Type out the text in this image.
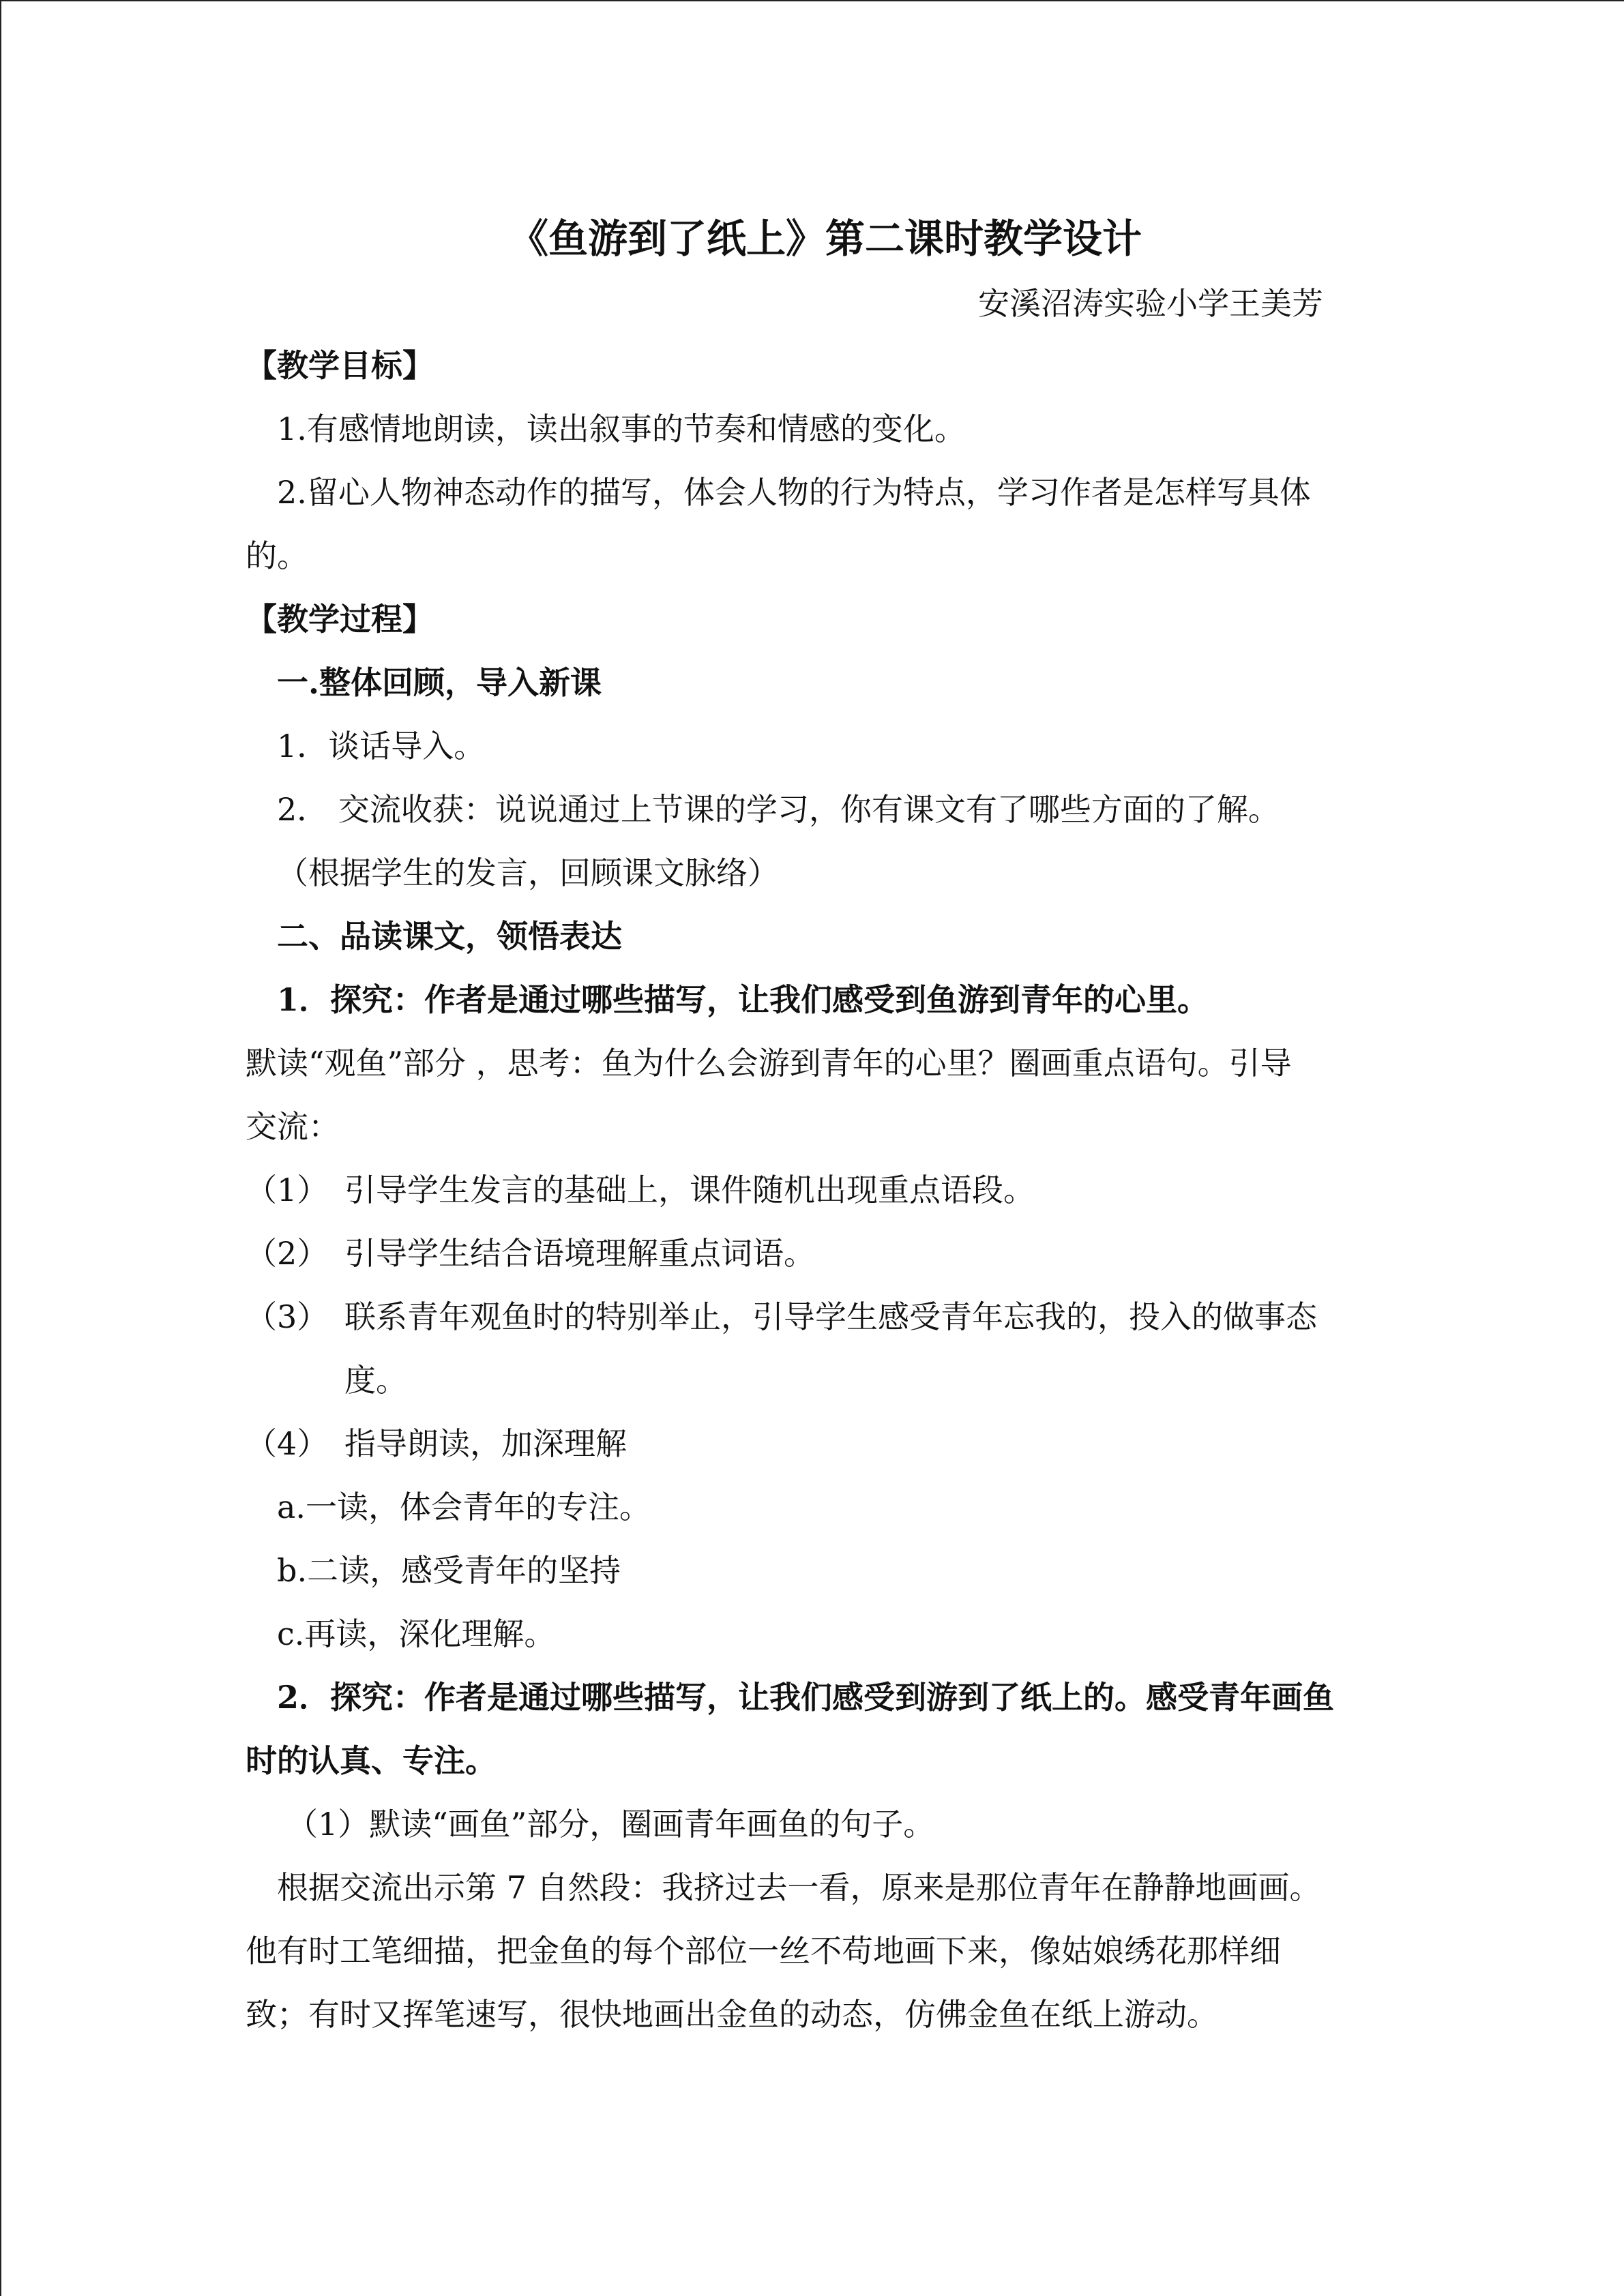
《鱼游到了纸上》第二课时教学设计

安溪沼涛实验小学王美芳

【教学目标】

1.有感情地朗读，读出叙事的节奏和情感的变化。

2.留心人物神态动作的描写，体会人物的行为特点，学习作者是怎样写具体

的。

【教学过程】

一.整体回顾，导入新课

1．谈话导入。

2． 交流收获：说说通过上节课的学习，你有课文有了哪些方面的了解。

（根据学生的发言，回顾课文脉络）

二、品读课文，领悟表达

1．探究：作者是通过哪些描写，让我们感受到鱼游到青年的心里。

默读“观鱼”部分 ，思考：鱼为什么会游到青年的心里？圈画重点语句。引导

交流：

（1） 引导学生发言的基础上，课件随机出现重点语段。
（2） 引导学生结合语境理解重点词语。
（3） 联系青年观鱼时的特别举止，引导学生感受青年忘我的，投入的做事态
度。
（4） 指导朗读，加深理解

a.一读，体会青年的专注。

b.二读，感受青年的坚持

c.再读，深化理解。

2．探究：作者是通过哪些描写，让我们感受到游到了纸上的。感受青年画鱼

时的认真、专注。

（1）默读“画鱼”部分，圈画青年画鱼的句子。

根据交流出示第 7 自然段：我挤过去一看，原来是那位青年在静静地画画。

他有时工笔细描，把金鱼的每个部位一丝不苟地画下来，像姑娘绣花那样细

致；有时又挥笔速写，很快地画出金鱼的动态，仿佛金鱼在纸上游动。
